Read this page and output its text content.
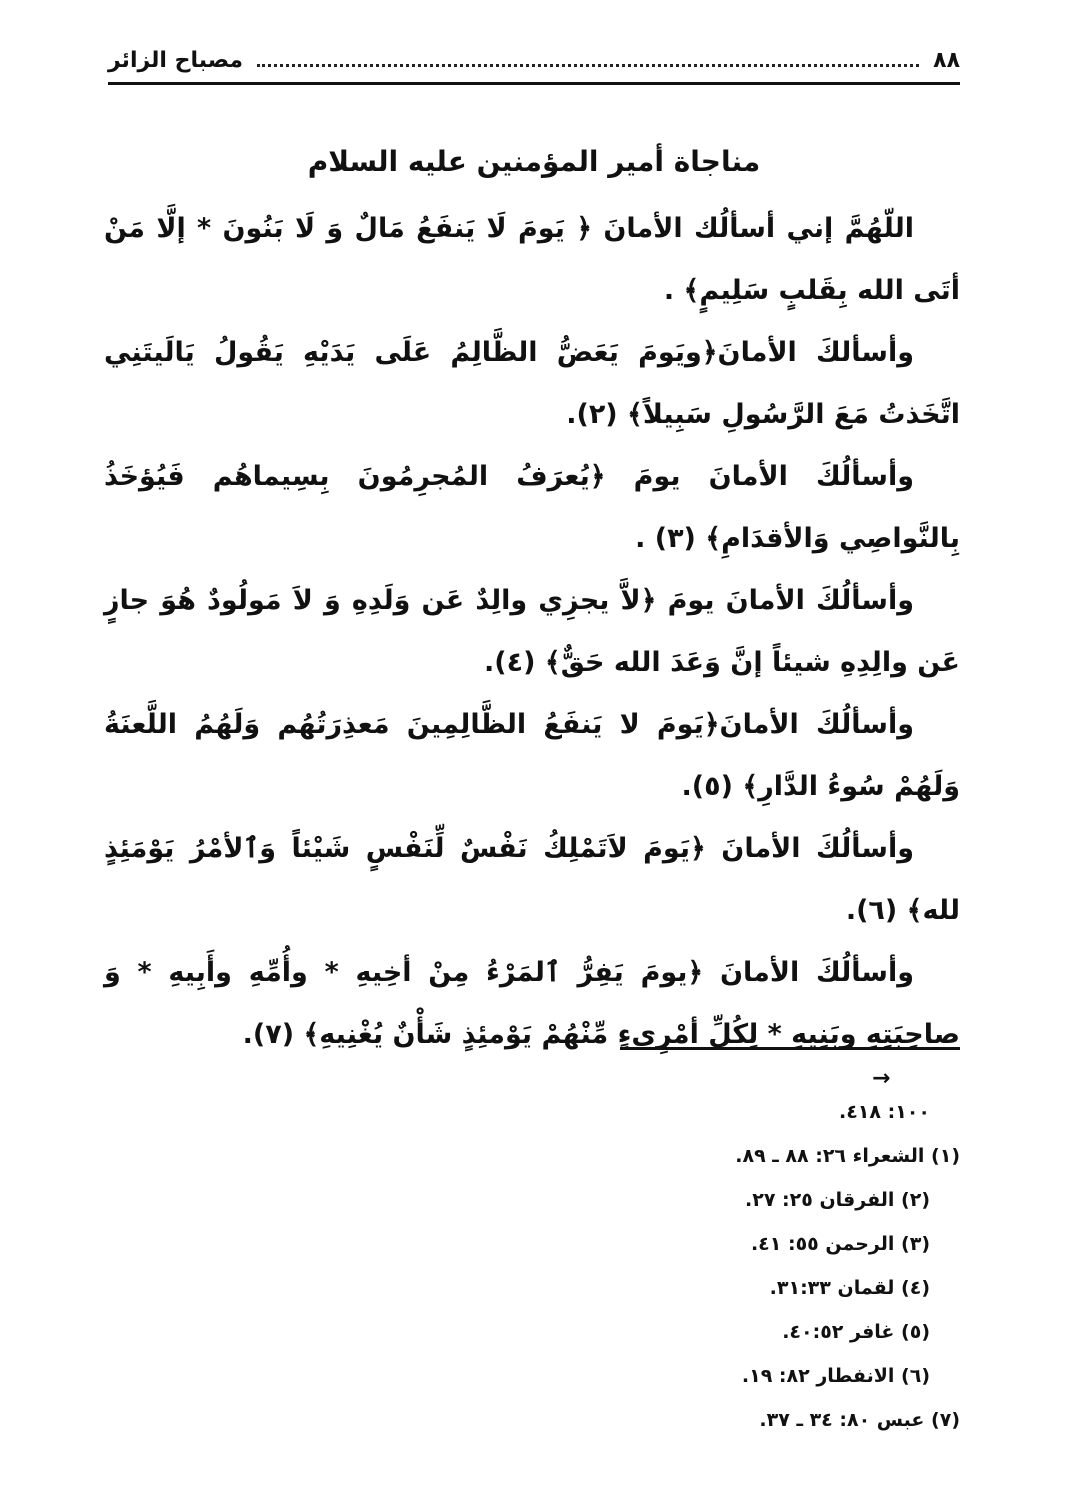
٨٨
مصباح الزائر
مناجاة أمير المؤمنين عليه السلام

اللّهُمَّ إني أسألُك الأمانَ ﴿ يَومَ لَا يَنفَعُ مَالٌ وَ لَا بَنُونَ * إلَّا مَنْ أتَى الله بِقَلبٍ سَلِيمٍ﴾ .

وأسألكَ الأمانَ﴿ويَومَ يَعَضُّ الظَّالِمُ عَلَى يَدَيْهِ يَقُولُ يَالَيتَنِي اتَّخَذتُ مَعَ الرَّسُولِ سَبِيلاً﴾ (٢).

وأسألُكَ الأمانَ يومَ ﴿يُعرَفُ المُجرِمُونَ بِسِيماهُم فَيُؤخَذُ بِالنَّواصِي وَالأقدَامِ﴾ (٣) .

وأسألُكَ الأمانَ يومَ ﴿لاَّ يجزِي والِدٌ عَن وَلَدِهِ وَ لاَ مَولُودٌ هُوَ جازٍ عَن والِدِهِ شيئاً إنَّ وَعَدَ الله حَقٌّ﴾ (٤).

وأسألُكَ الأمانَ﴿يَومَ لا يَنفَعُ الظَّالِمِينَ مَعذِرَتُهُم وَلَهُمُ اللَّعنَةُ وَلَهُمْ سُوءُ الدَّارِ﴾ (٥).

وأسألُكَ الأمانَ ﴿يَومَ لاَتَمْلِكُ نَفْسٌ لِّنَفْسٍ شَيْئاً وَٱلأمْرُ يَوْمَئِذٍ لله﴾ (٦).

وأسألُكَ الأمانَ ﴿يومَ يَفِرُّ ٱلمَرْءُ مِنْ أخِيهِ * وأُمِّهِ وأَبِيهِ * وَ صاحِبَتِهِ وبَنِيهِ * لِكُلِّ أمْرِىءٍ مِّنْهُمْ يَوْمئِذٍ شَأْنٌ يُغْنِيهِ﴾ (٧).

→
١٠٠: ٤١٨.
(١) الشعراء ٢٦: ٨٨ ـ ٨٩.
(٢) الفرقان ٢٥: ٢٧.
(٣) الرحمن ٥٥: ٤١.
(٤) لقمان ٣١:٣٣.
(٥) غافر ٤٠:٥٢.
(٦) الانفطار ٨٢: ١٩.
(٧) عبس ٨٠: ٣٤ ـ ٣٧.
